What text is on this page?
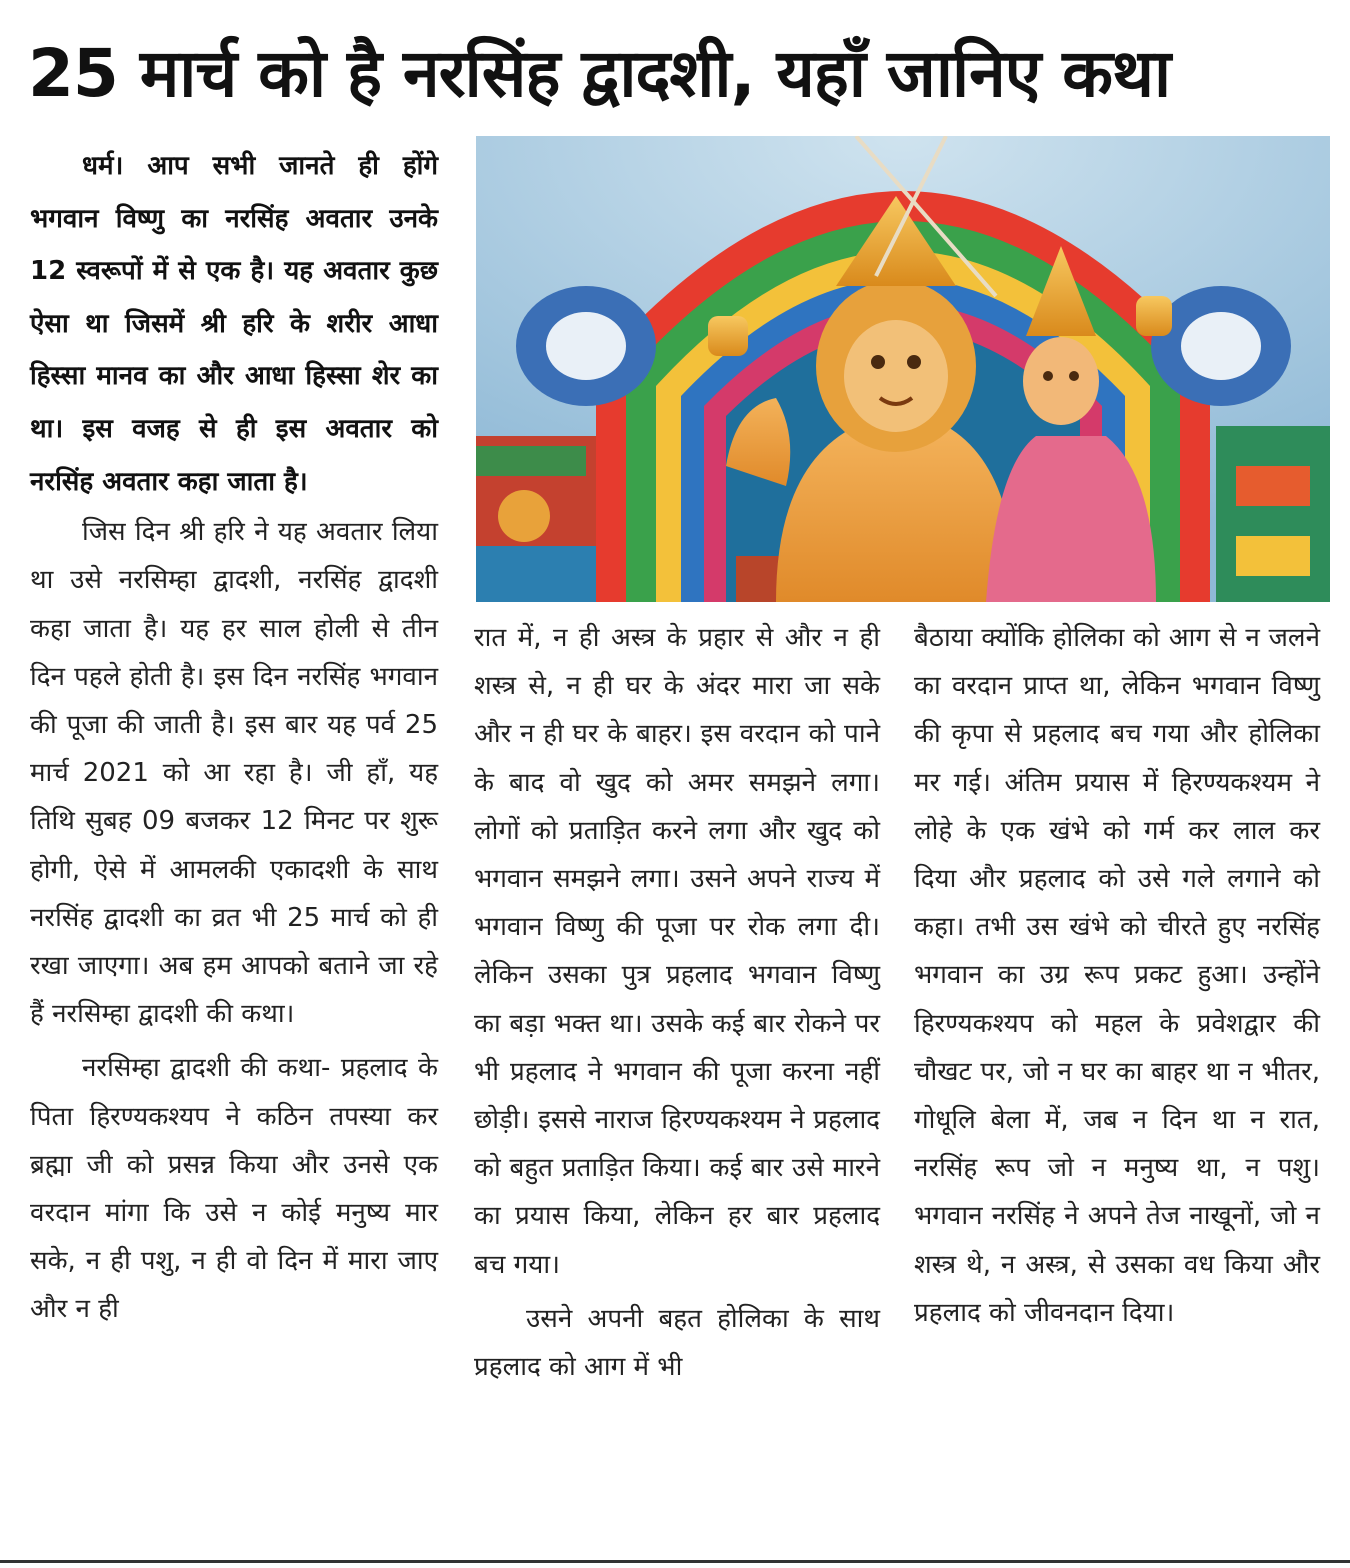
25 मार्च को है नरसिंह द्वादशी, यहाँ जानिए कथा

धर्म। आप सभी जानते ही होंगे भगवान विष्णु का नरसिंह अवतार उनके 12 स्वरूपों में से एक है। यह अवतार कुछ ऐसा था जिसमें श्री हरि के शरीर आधा हिस्सा मानव का और आधा हिस्सा शेर का था। इस वजह से ही इस अवतार को नरसिंह अवतार कहा जाता है।

जिस दिन श्री हरि ने यह अवतार लिया था उसे नरसिम्हा द्वादशी, नरसिंह द्वादशी कहा जाता है। यह हर साल होली से तीन दिन पहले होती है। इस दिन नरसिंह भगवान की पूजा की जाती है। इस बार यह पर्व 25 मार्च 2021 को आ रहा है। जी हाँ, यह तिथि सुबह 09 बजकर 12 मिनट पर शुरू होगी, ऐसे में आमलकी एकादशी के साथ नरसिंह द्वादशी का व्रत भी 25 मार्च को ही रखा जाएगा। अब हम आपको बताने जा रहे हैं नरसिम्हा द्वादशी की कथा।

नरसिम्हा द्वादशी की कथा- प्रहलाद के पिता हिरण्यकश्यप ने कठिन तपस्या कर ब्रह्मा जी को प्रसन्न किया और उनसे एक वरदान मांगा कि उसे न कोई मनुष्य मार सके, न ही पशु, न ही वो दिन में मारा जाए और न ही

रात में, न ही अस्त्र के प्रहार से और न ही शस्त्र से, न ही घर के अंदर मारा जा सके और न ही घर के बाहर। इस वरदान को पाने के बाद वो खुद को अमर समझने लगा। लोगों को प्रताड़ित करने लगा और खुद को भगवान समझने लगा। उसने अपने राज्य में भगवान विष्णु की पूजा पर रोक लगा दी। लेकिन उसका पुत्र प्रहलाद भगवान विष्णु का बड़ा भक्त था। उसके कई बार रोकने पर भी प्रहलाद ने भगवान की पूजा करना नहीं छोड़ी। इससे नाराज हिरण्यकश्यम ने प्रहलाद को बहुत प्रताड़ित किया। कई बार उसे मारने का प्रयास किया, लेकिन हर बार प्रहलाद बच गया।

उसने अपनी बहत होलिका के साथ प्रहलाद को आग में भी

बैठाया क्योंकि होलिका को आग से न जलने का वरदान प्राप्त था, लेकिन भगवान विष्णु की कृपा से प्रहलाद बच गया और होलिका मर गई। अंतिम प्रयास में हिरण्यकश्यम ने लोहे के एक खंभे को गर्म कर लाल कर दिया और प्रहलाद को उसे गले लगाने को कहा। तभी उस खंभे को चीरते हुए नरसिंह भगवान का उग्र रूप प्रकट हुआ। उन्होंने हिरण्यकश्यप को महल के प्रवेशद्वार की चौखट पर, जो न घर का बाहर था न भीतर, गोधूलि बेला में, जब न दिन था न रात, नरसिंह रूप जो न मनुष्य था, न पशु। भगवान नरसिंह ने अपने तेज नाखूनों, जो न शस्त्र थे, न अस्त्र, से उसका वध किया और प्रहलाद को जीवनदान दिया।
